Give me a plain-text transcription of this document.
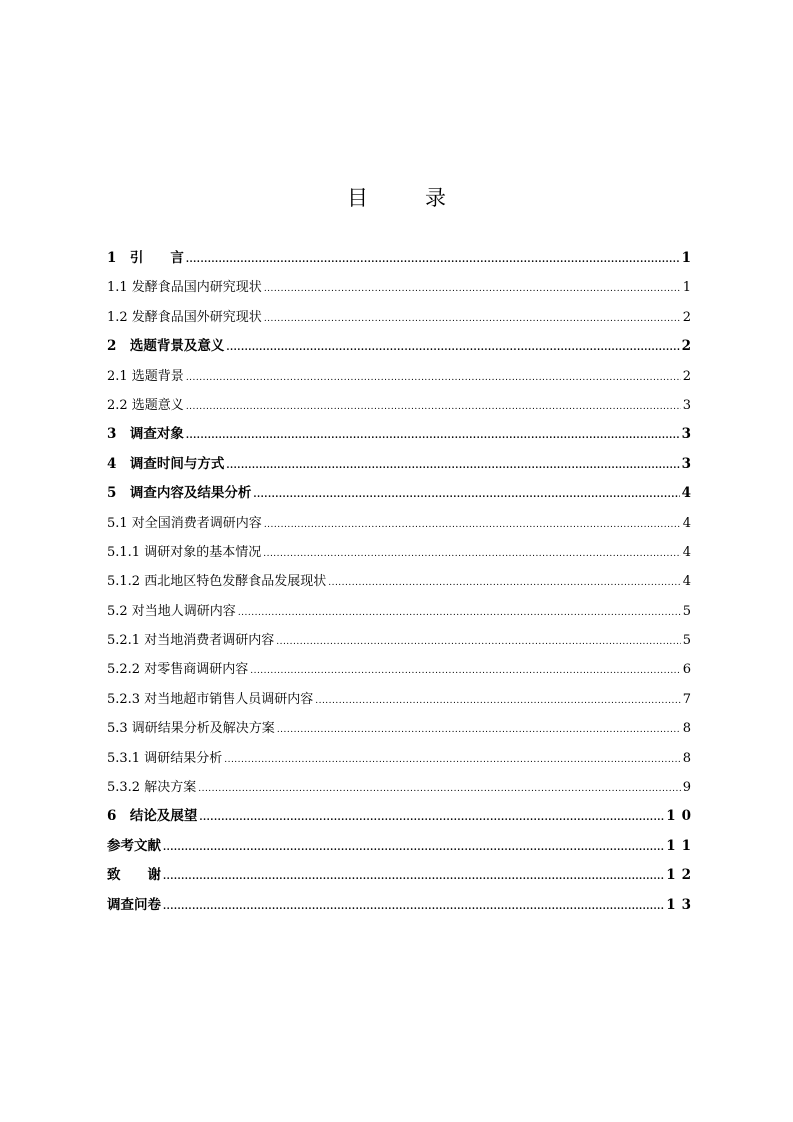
目　录
1　引　　言 .....	1
1.1 发酵食品国内研究现状 .....	1
1.2 发酵食品国外研究现状 .....	2
2　选题背景及意义 .....	2
2.1 选题背景 .....	2
2.2 选题意义 .....	3
3　调查对象 .....	3
4　调查时间与方式 .....	3
5　调查内容及结果分析 .....	4
5.1 对全国消费者调研内容 .....	4
5.1.1 调研对象的基本情况 .....	4
5.1.2 西北地区特色发酵食品发展现状 .....	4
5.2 对当地人调研内容 .....	5
5.2.1 对当地消费者调研内容 .....	5
5.2.2 对零售商调研内容 .....	6
5.2.3 对当地超市销售人员调研内容 .....	7
5.3 调研结果分析及解决方案 .....	8
5.3.1 调研结果分析 .....	8
5.3.2 解决方案 .....	9
6　结论及展望 .....	10
参考文献 .....	11
致　　谢 .....	12
调查问卷 .....	13
